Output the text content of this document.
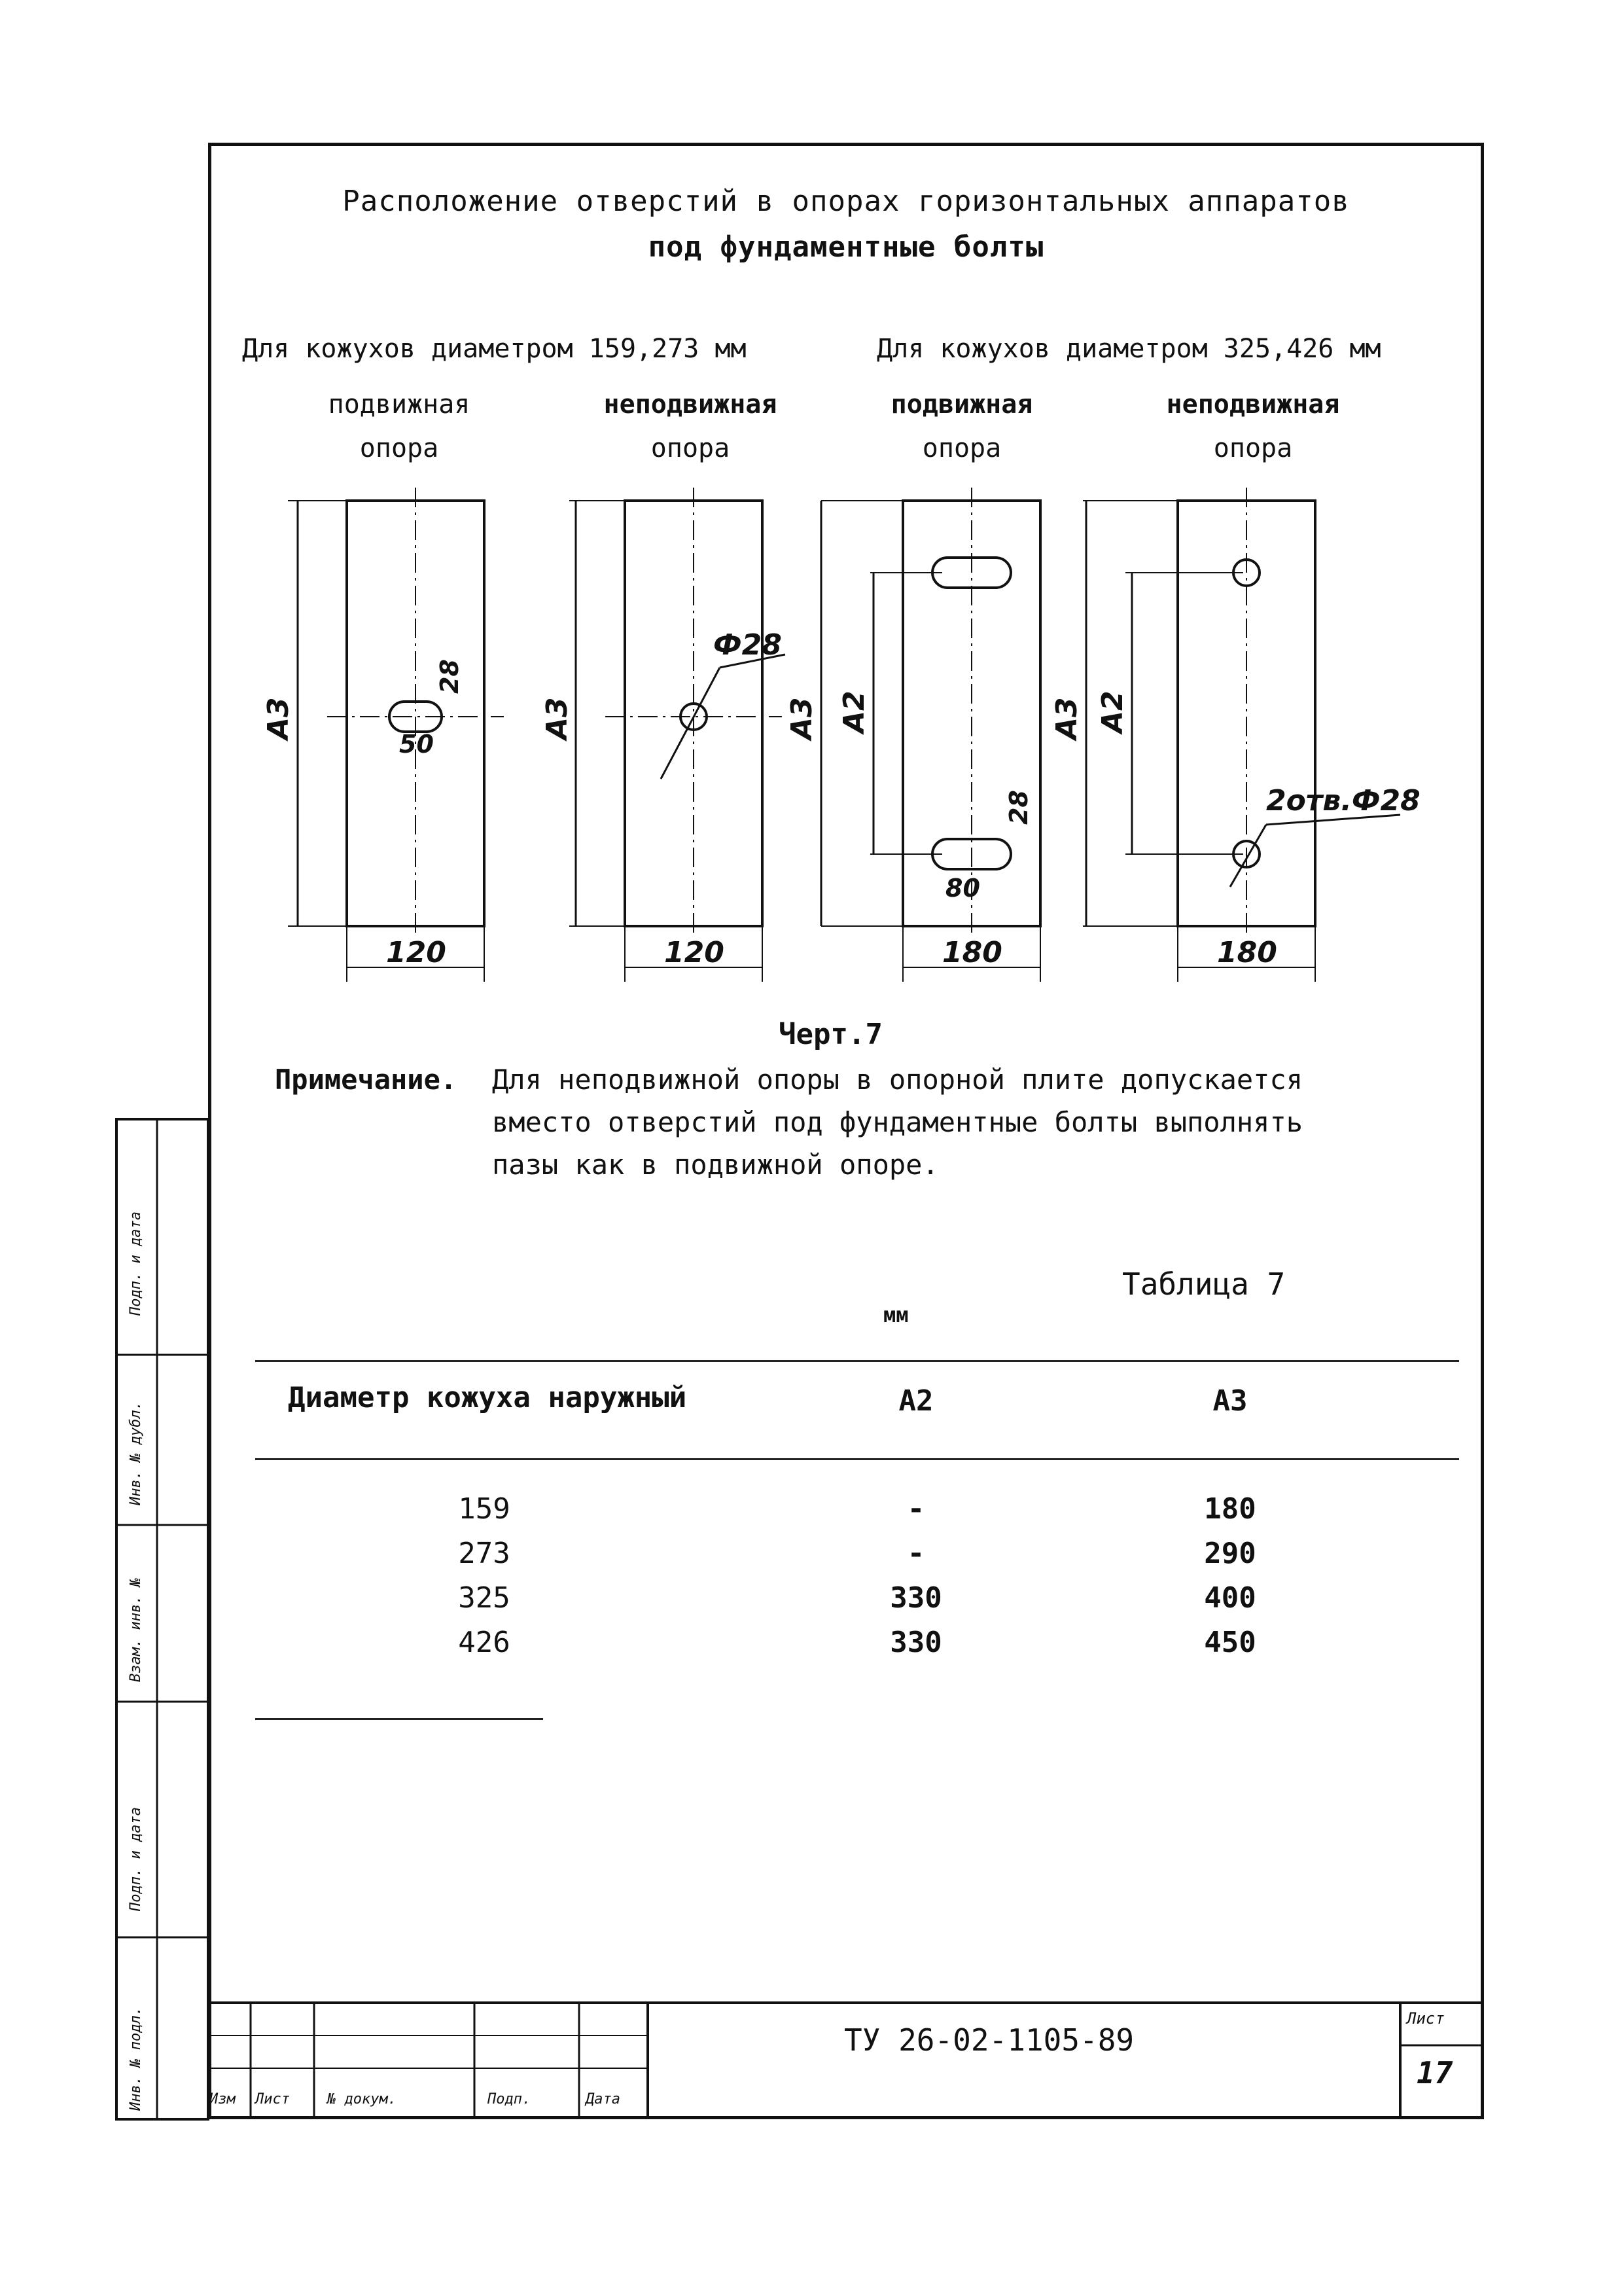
Расположение отверстий в опорах горизонтальных аппаратов
под фундаментные болты
Для кожухов диаметром 159,273 мм	Для кожухов диаметром 325,426 мм
подвижная
опора
неподвижная
опора
подвижная
опора
неподвижная
опора
A3
28
50
120
A3
Ф28
120
A3 A2
28
80
180
A3 A2
2отв.Ф28
180
Черт.7
Примечание. Для неподвижной опоры в опорной плите допускается
вместо отверстий под фундаментные болты выполнять
пазы как в подвижной опоре.
Таблица 7
мм
Диаметр кожуха наружный	A2	A3
159	-	180
273	-	290
325	330	400
426	330	450
ТУ 26-02-1105-89
Лист
17
Изм Лист	№ докум.	Подп.	Дата
Подп. и дата
Инв. № дубл.
Взам. инв. №
Подп. и дата
Инв. № подл.
